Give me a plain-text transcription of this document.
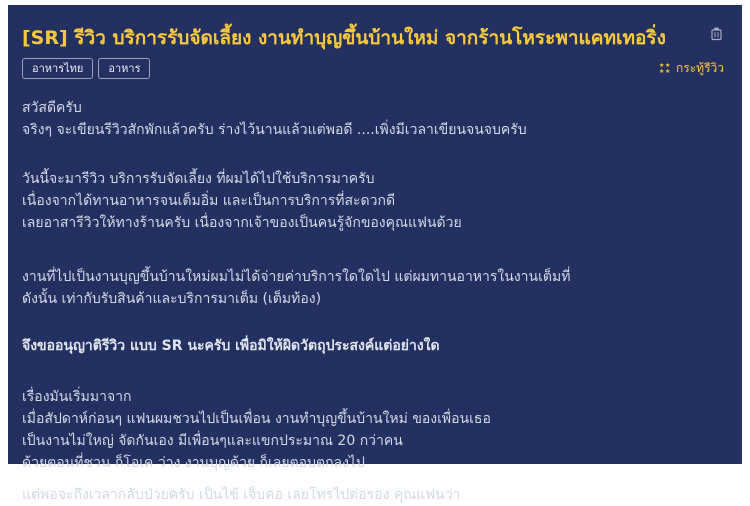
[SR] รีวิว บริการรับจัดเลี้ยง งานทำบุญขึ้นบ้านใหม่ จากร้านโหระพาแคทเทอริ่ง
อาหารไทย	อาหาร	★ ★
★ ★ กระทู้รีวิว
สวัสดีครับ
จริงๆ จะเขียนรีวิวสักพักแล้วครับ ร่างไว้นานแล้วแต่พอดี ....เพิ่งมีเวลาเขียนจนจบครับ
วันนี้จะมารีวิว บริการรับจัดเลี้ยง ที่ผมได้ไปใช้บริการมาครับ
เนื่องจากได้ทานอาหารจนเต็มอิ่ม และเป็นการบริการที่สะดวกดี
เลยอาสารีวิวให้ทางร้านครับ เนื่องจากเจ้าของเป็นคนรู้จักของคุณแฟนด้วย
งานที่ไปเป็นงานบุญขึ้นบ้านใหม่ผมไม่ได้จ่ายค่าบริการใดใดไป แต่ผมทานอาหารในงานเต็มที่
ดังนั้น เท่ากับรับสินค้าและบริการมาเต็ม (เต็มท้อง)
จึงขออนุญาติรีวิว แบบ SR นะครับ เพื่อมิให้ผิดวัตถุประสงค์แต่อย่างใด
เรื่องมันเริ่มมาจาก
เมื่อสัปดาห์ก่อนๆ แฟนผมชวนไปเป็นเพื่อน งานทำบุญขึ้นบ้านใหม่ ของเพื่อนเธอ
เป็นงานไม่ใหญ่ จัดกันเอง มีเพื่อนๆและแขกประมาณ 20 กว่าคน
ด้วยตอนที่ชวน ก็โอเค ว่าง งานบุญด้วย ก็เลยตอบตกลงไป
แต่พอจะถึงเวลากลับป่วยครับ เป็นไข้ เจ็บคอ เลยโทรไปต่อรอง คุณแฟนว่า
